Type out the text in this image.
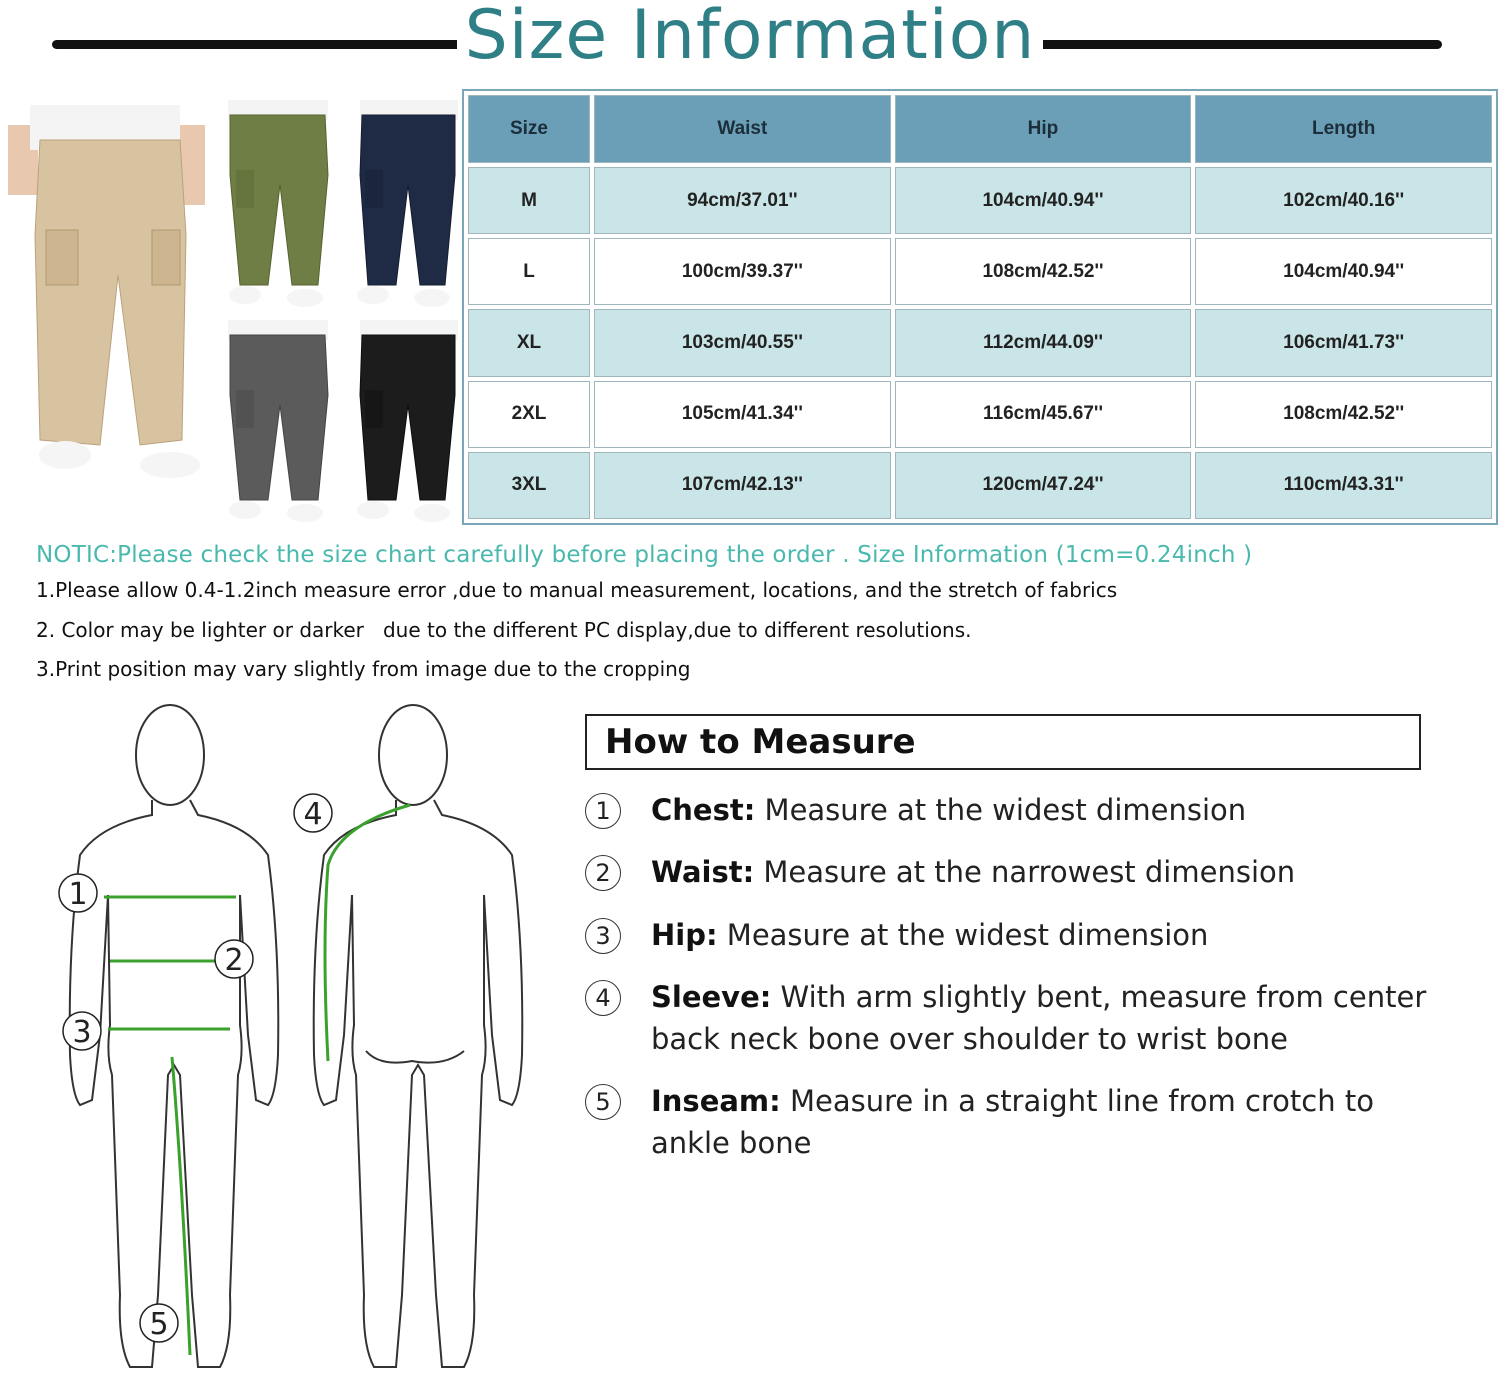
Size Information
Size	Waist	Hip	Length
M	94cm/37.01''	104cm/40.94''	102cm/40.16''
L	100cm/39.37''	108cm/42.52''	104cm/40.94''
XL	103cm/40.55''	112cm/44.09''	106cm/41.73''
2XL	105cm/41.34''	116cm/45.67''	108cm/42.52''
3XL	107cm/42.13''	120cm/47.24''	110cm/43.31''
NOTIC:Please check the size chart carefully before placing the order . Size Information (1cm=0.24inch )
1.Please allow 0.4-1.2inch measure error ,due to manual measurement, locations, and the stretch of fabrics
2. Color may be lighter or darker   due to the different PC display,due to different resolutions.
3.Print position may vary slightly from image due to the cropping
1
2
3
4
5
How to Measure
1	Chest: Measure at the widest dimension
2	Waist: Measure at the narrowest dimension
3	Hip: Measure at the widest dimension
4	Sleeve: With arm slightly bent, measure from center back neck bone over shoulder to wrist bone
5	Inseam: Measure in a straight line from crotch to ankle bone
